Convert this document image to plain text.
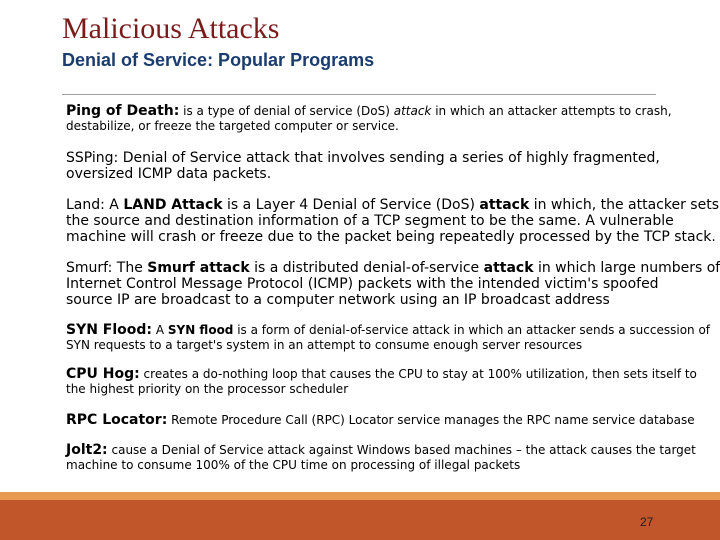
Malicious Attacks
Denial of Service: Popular Programs
Ping of Death: is a type of denial of service (DoS) attack in which an attacker attempts to crash,
destabilize, or freeze the targeted computer or service.
SSPing: Denial of Service attack that involves sending a series of highly fragmented,
oversized ICMP data packets.
Land: A LAND Attack is a Layer 4 Denial of Service (DoS) attack in which, the attacker sets
the source and destination information of a TCP segment to be the same. A vulnerable
machine will crash or freeze due to the packet being repeatedly processed by the TCP stack.
Smurf: The Smurf attack is a distributed denial-of-service attack in which large numbers of
Internet Control Message Protocol (ICMP) packets with the intended victim's spoofed
source IP are broadcast to a computer network using an IP broadcast address
SYN Flood: A SYN flood is a form of denial-of-service attack in which an attacker sends a succession of
SYN requests to a target's system in an attempt to consume enough server resources
CPU Hog: creates a do-nothing loop that causes the CPU to stay at 100% utilization, then sets itself to
the highest priority on the processor scheduler
RPC Locator: Remote Procedure Call (RPC) Locator service manages the RPC name service database
Jolt2: cause a Denial of Service attack against Windows based machines – the attack causes the target
machine to consume 100% of the CPU time on processing of illegal packets
27
